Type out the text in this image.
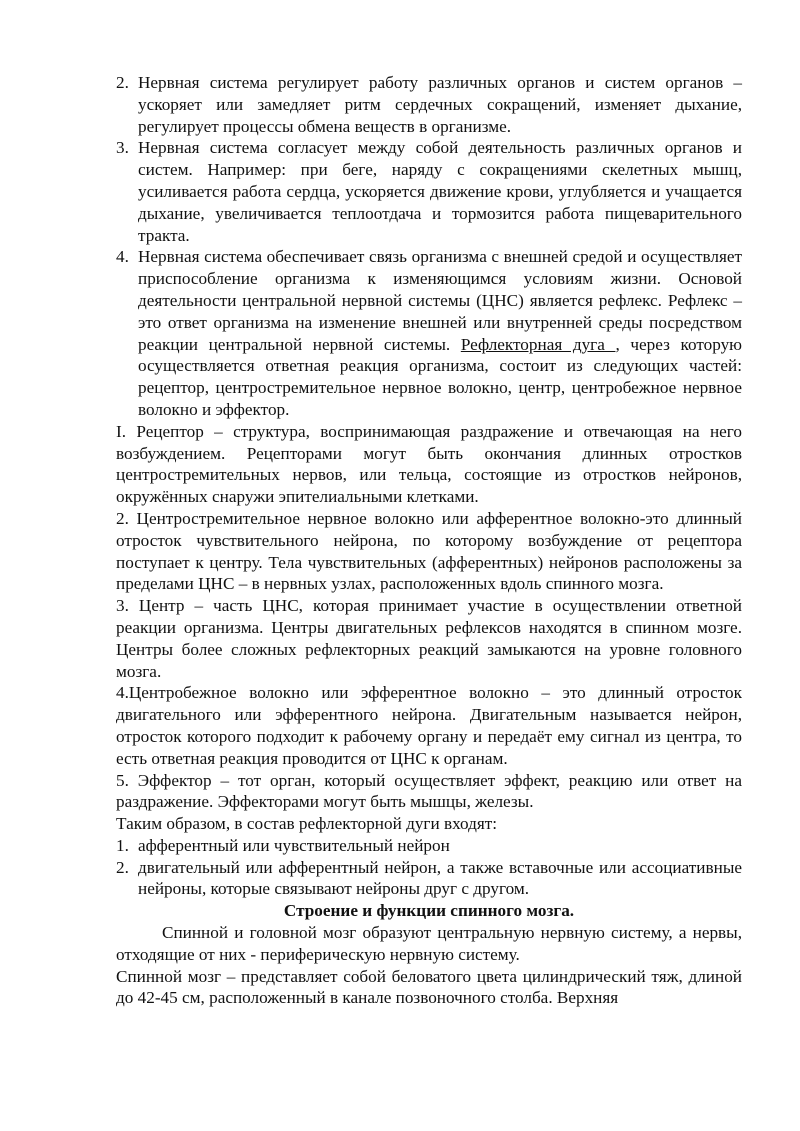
2. Нервная система регулирует работу различных органов и систем органов – ускоряет или замедляет ритм сердечных сокращений, изменяет дыхание, регулирует процессы обмена веществ в организме.

3. Нервная система согласует между собой деятельность различных органов и систем. Например: при беге, наряду с сокращениями скелетных мышц, усиливается работа сердца, ускоряется движение крови, углубляется и учащается дыхание, увеличивается теплоотдача и тормозится работа пищеварительного тракта.

4. Нервная система обеспечивает связь организма с внешней средой и осуществляет приспособление организма к изменяющимся условиям жизни. Основой деятельности центральной нервной системы (ЦНС) является рефлекс. Рефлекс – это ответ организма на изменение внешней или внутренней среды посредством реакции центральной нервной системы. Рефлекторная дуга , через которую осуществляется ответная реакция организма, состоит из следующих частей: рецептор, центростремительное нервное волокно, центр, центробежное нервное волокно и эффектор.

I. Рецептор – структура, воспринимающая раздражение и отвечающая на него возбуждением. Рецепторами могут быть окончания длинных отростков центростремительных нервов, или тельца, состоящие из отростков нейронов, окружённых снаружи эпителиальными клетками.

2. Центростремительное нервное волокно или афферентное волокно-это длинный отросток чувствительного нейрона, по которому возбуждение от рецептора поступает к центру. Тела чувствительных (афферентных) нейронов расположены за пределами ЦНС – в нервных узлах, расположенных вдоль спинного мозга.

3. Центр – часть ЦНС, которая принимает участие в осуществлении ответной реакции организма. Центры двигательных рефлексов находятся в спинном мозге. Центры более сложных рефлекторных реакций замыкаются на уровне головного мозга.

4.Центробежное волокно или эфферентное волокно – это длинный отросток двигательного или эфферентного нейрона. Двигательным называется нейрон, отросток которого подходит к рабочему органу и передаёт ему сигнал из центра, то есть ответная реакция проводится от ЦНС к органам.

5. Эффектор – тот орган, который осуществляет эффект, реакцию или ответ на раздражение. Эффекторами могут быть мышцы, железы.

Таким образом, в состав рефлекторной дуги входят:

1. афферентный или чувствительный нейрон

2. двигательный или афферентный нейрон, а также вставочные или ассоциативные нейроны, которые связывают нейроны друг с другом.

Строение и функции спинного мозга.

Спинной и головной мозг образуют центральную нервную систему, а нервы, отходящие от них - периферическую нервную систему.

Спинной мозг – представляет собой беловатого цвета цилиндрический тяж, длиной до 42-45 см, расположенный в канале позвоночного столба. Верхняя
